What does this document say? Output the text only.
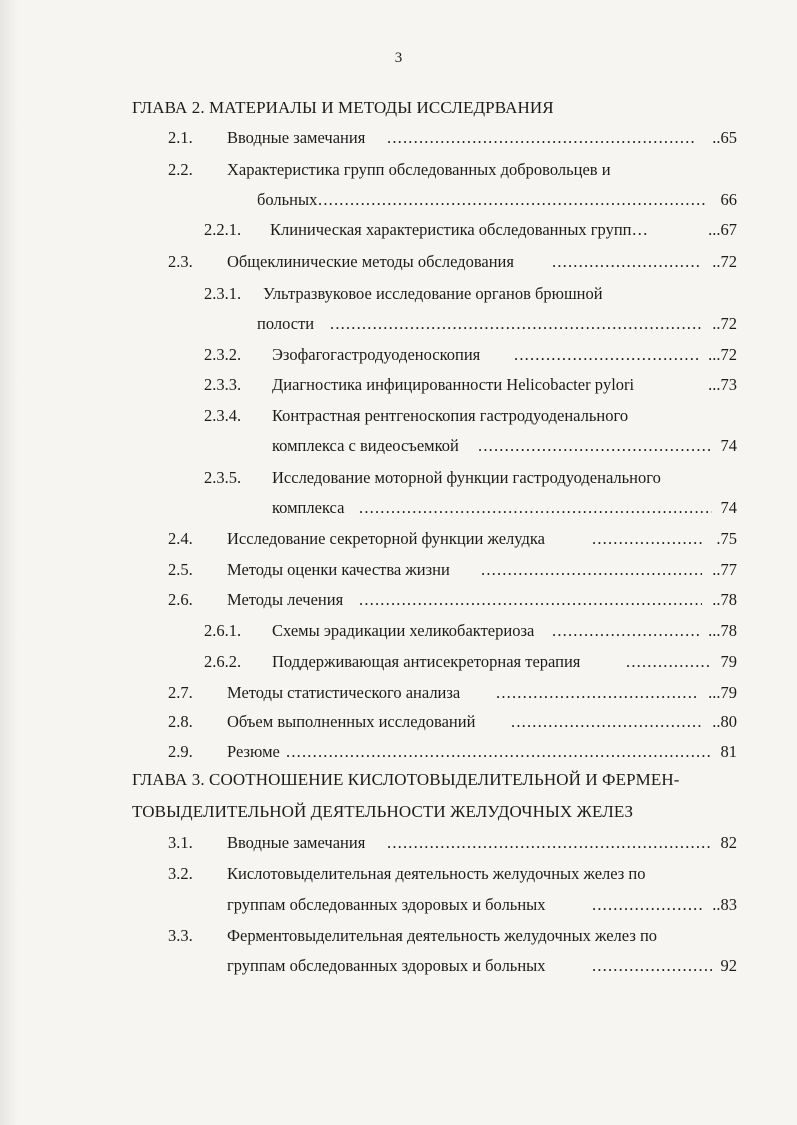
3
ГЛАВА 2. МАТЕРИАЛЫ И МЕТОДЫ ИССЛЕДРВАНИЯ
2.1. Вводные замечания .....	..65
2.2. Характеристика групп обследованных добровольцев и
больных .....	66
2.2.1. Клиническая характеристика обследованных групп…	...67
2.3. Общеклинические методы обследования .....	..72
2.3.1. Ультразвуковое исследование органов брюшной
полости .....	..72
2.3.2. Эзофагогастродуоденоскопия .....	...72
2.3.3. Диагностика инфицированности Helicobacter pylori	...73
2.3.4. Контрастная рентгеноскопия гастродуоденального
комплекса с видеосъемкой .....	74
2.3.5. Исследование моторной функции гастродуоденального
комплекса .....	74
2.4. Исследование секреторной функции желудка .....	.75
2.5. Методы оценки качества жизни .....	..77
2.6. Методы лечения .....	..78
2.6.1. Схемы эрадикации хеликобактериоза .....	...78
2.6.2. Поддерживающая антисекреторная терапия .....	79
2.7. Методы статистического анализа .....	...79
2.8. Объем выполненных исследований .....	..80
2.9. Резюме .....	81
ГЛАВА 3. СООТНОШЕНИЕ КИСЛОТОВЫДЕЛИТЕЛЬНОЙ И ФЕРМЕН-
ТОВЫДЕЛИТЕЛЬНОЙ ДЕЯТЕЛЬНОСТИ ЖЕЛУДОЧНЫХ ЖЕЛЕЗ
3.1. Вводные замечания .....	82
3.2. Кислотовыделительная деятельность желудочных желез по
группам обследованных здоровых и больных .....	..83
3.3. Ферментовыделительная деятельность желудочных желез по
группам обследованных здоровых и больных .....	92
